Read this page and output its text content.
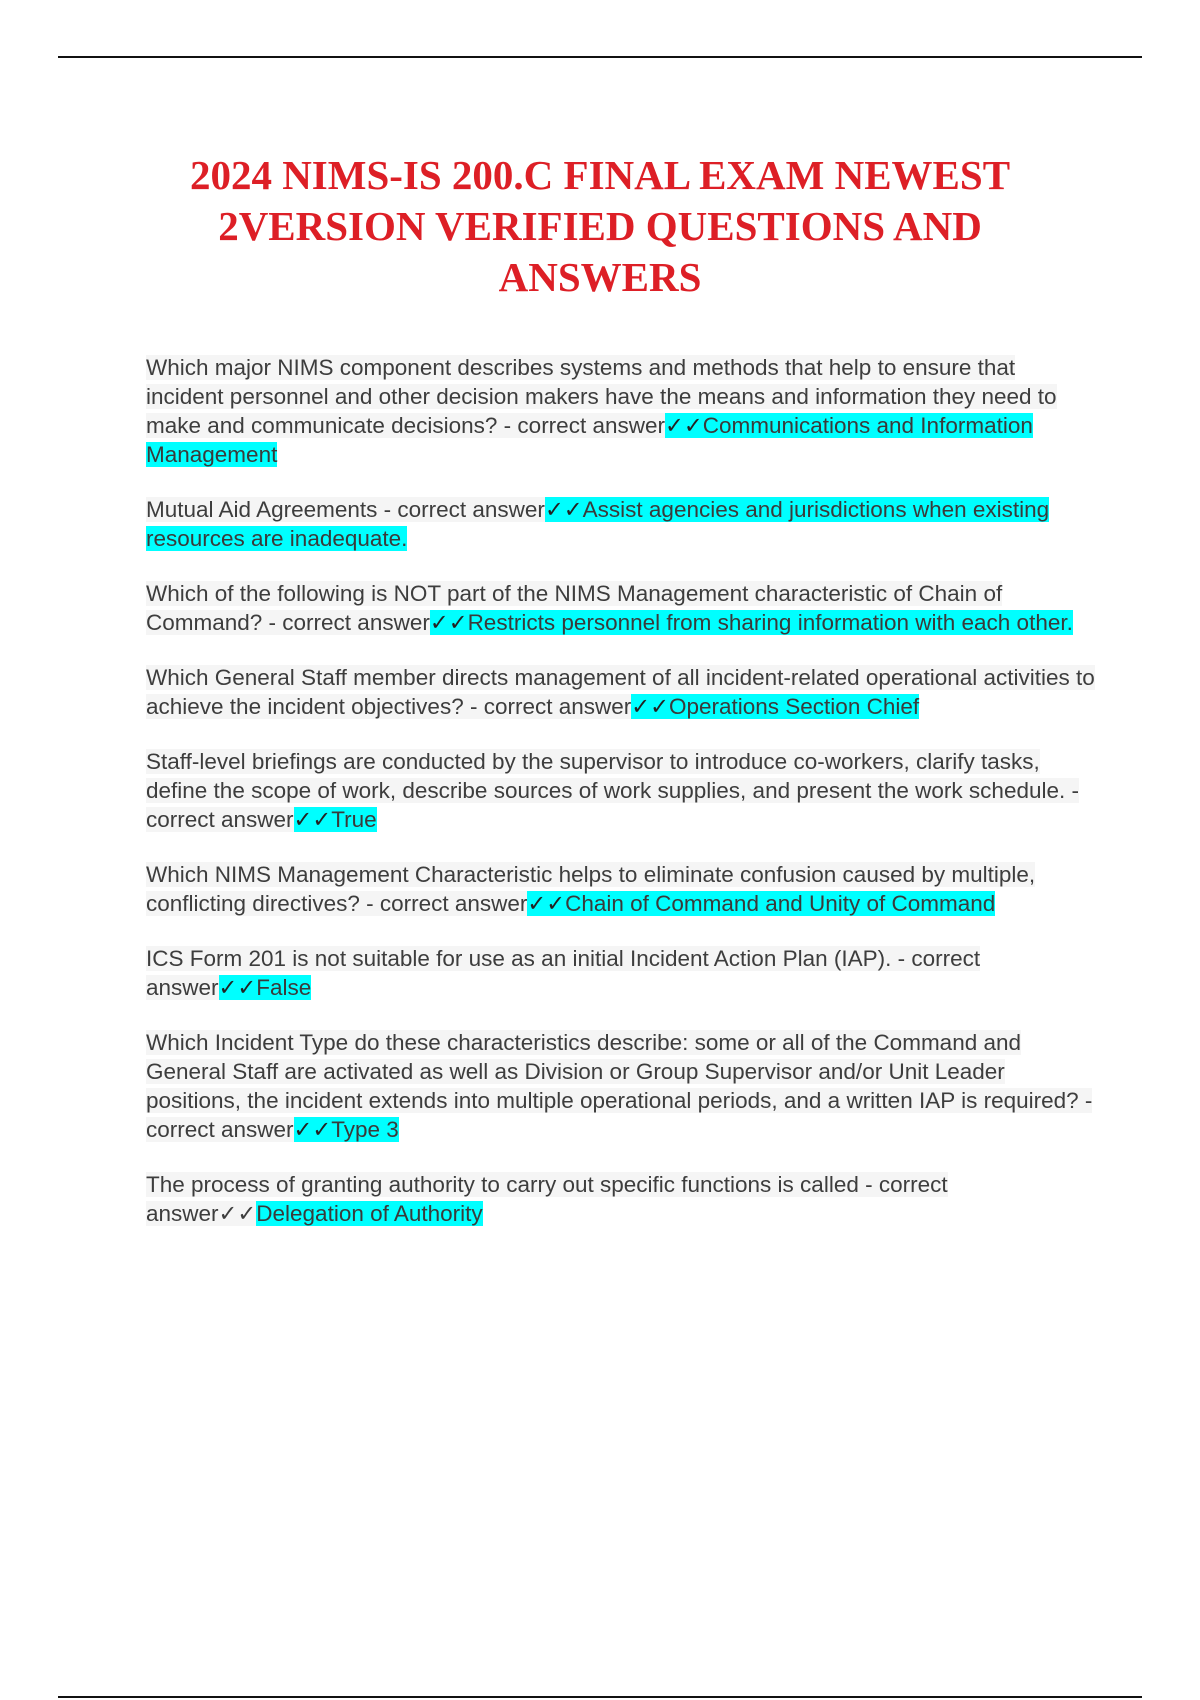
2024 NIMS-IS 200.C FINAL EXAM NEWEST 2VERSION VERIFIED QUESTIONS AND ANSWERS

Which major NIMS component describes systems and methods that help to ensure that incident personnel and other decision makers have the means and information they need to make and communicate decisions? - correct answer✓✓Communications and Information Management

Mutual Aid Agreements - correct answer✓✓Assist agencies and jurisdictions when existing resources are inadequate.

Which of the following is NOT part of the NIMS Management characteristic of Chain of Command? - correct answer✓✓Restricts personnel from sharing information with each other.

Which General Staff member directs management of all incident-related operational activities to achieve the incident objectives? - correct answer✓✓Operations Section Chief

Staff-level briefings are conducted by the supervisor to introduce co-workers, clarify tasks, define the scope of work, describe sources of work supplies, and present the work schedule. - correct answer✓✓True

Which NIMS Management Characteristic helps to eliminate confusion caused by multiple, conflicting directives? - correct answer✓✓Chain of Command and Unity of Command

ICS Form 201 is not suitable for use as an initial Incident Action Plan (IAP). - correct answer✓✓False

Which Incident Type do these characteristics describe: some or all of the Command and General Staff are activated as well as Division or Group Supervisor and/or Unit Leader positions, the incident extends into multiple operational periods, and a written IAP is required? - correct answer✓✓Type 3

The process of granting authority to carry out specific functions is called - correct answer✓✓Delegation of Authority
